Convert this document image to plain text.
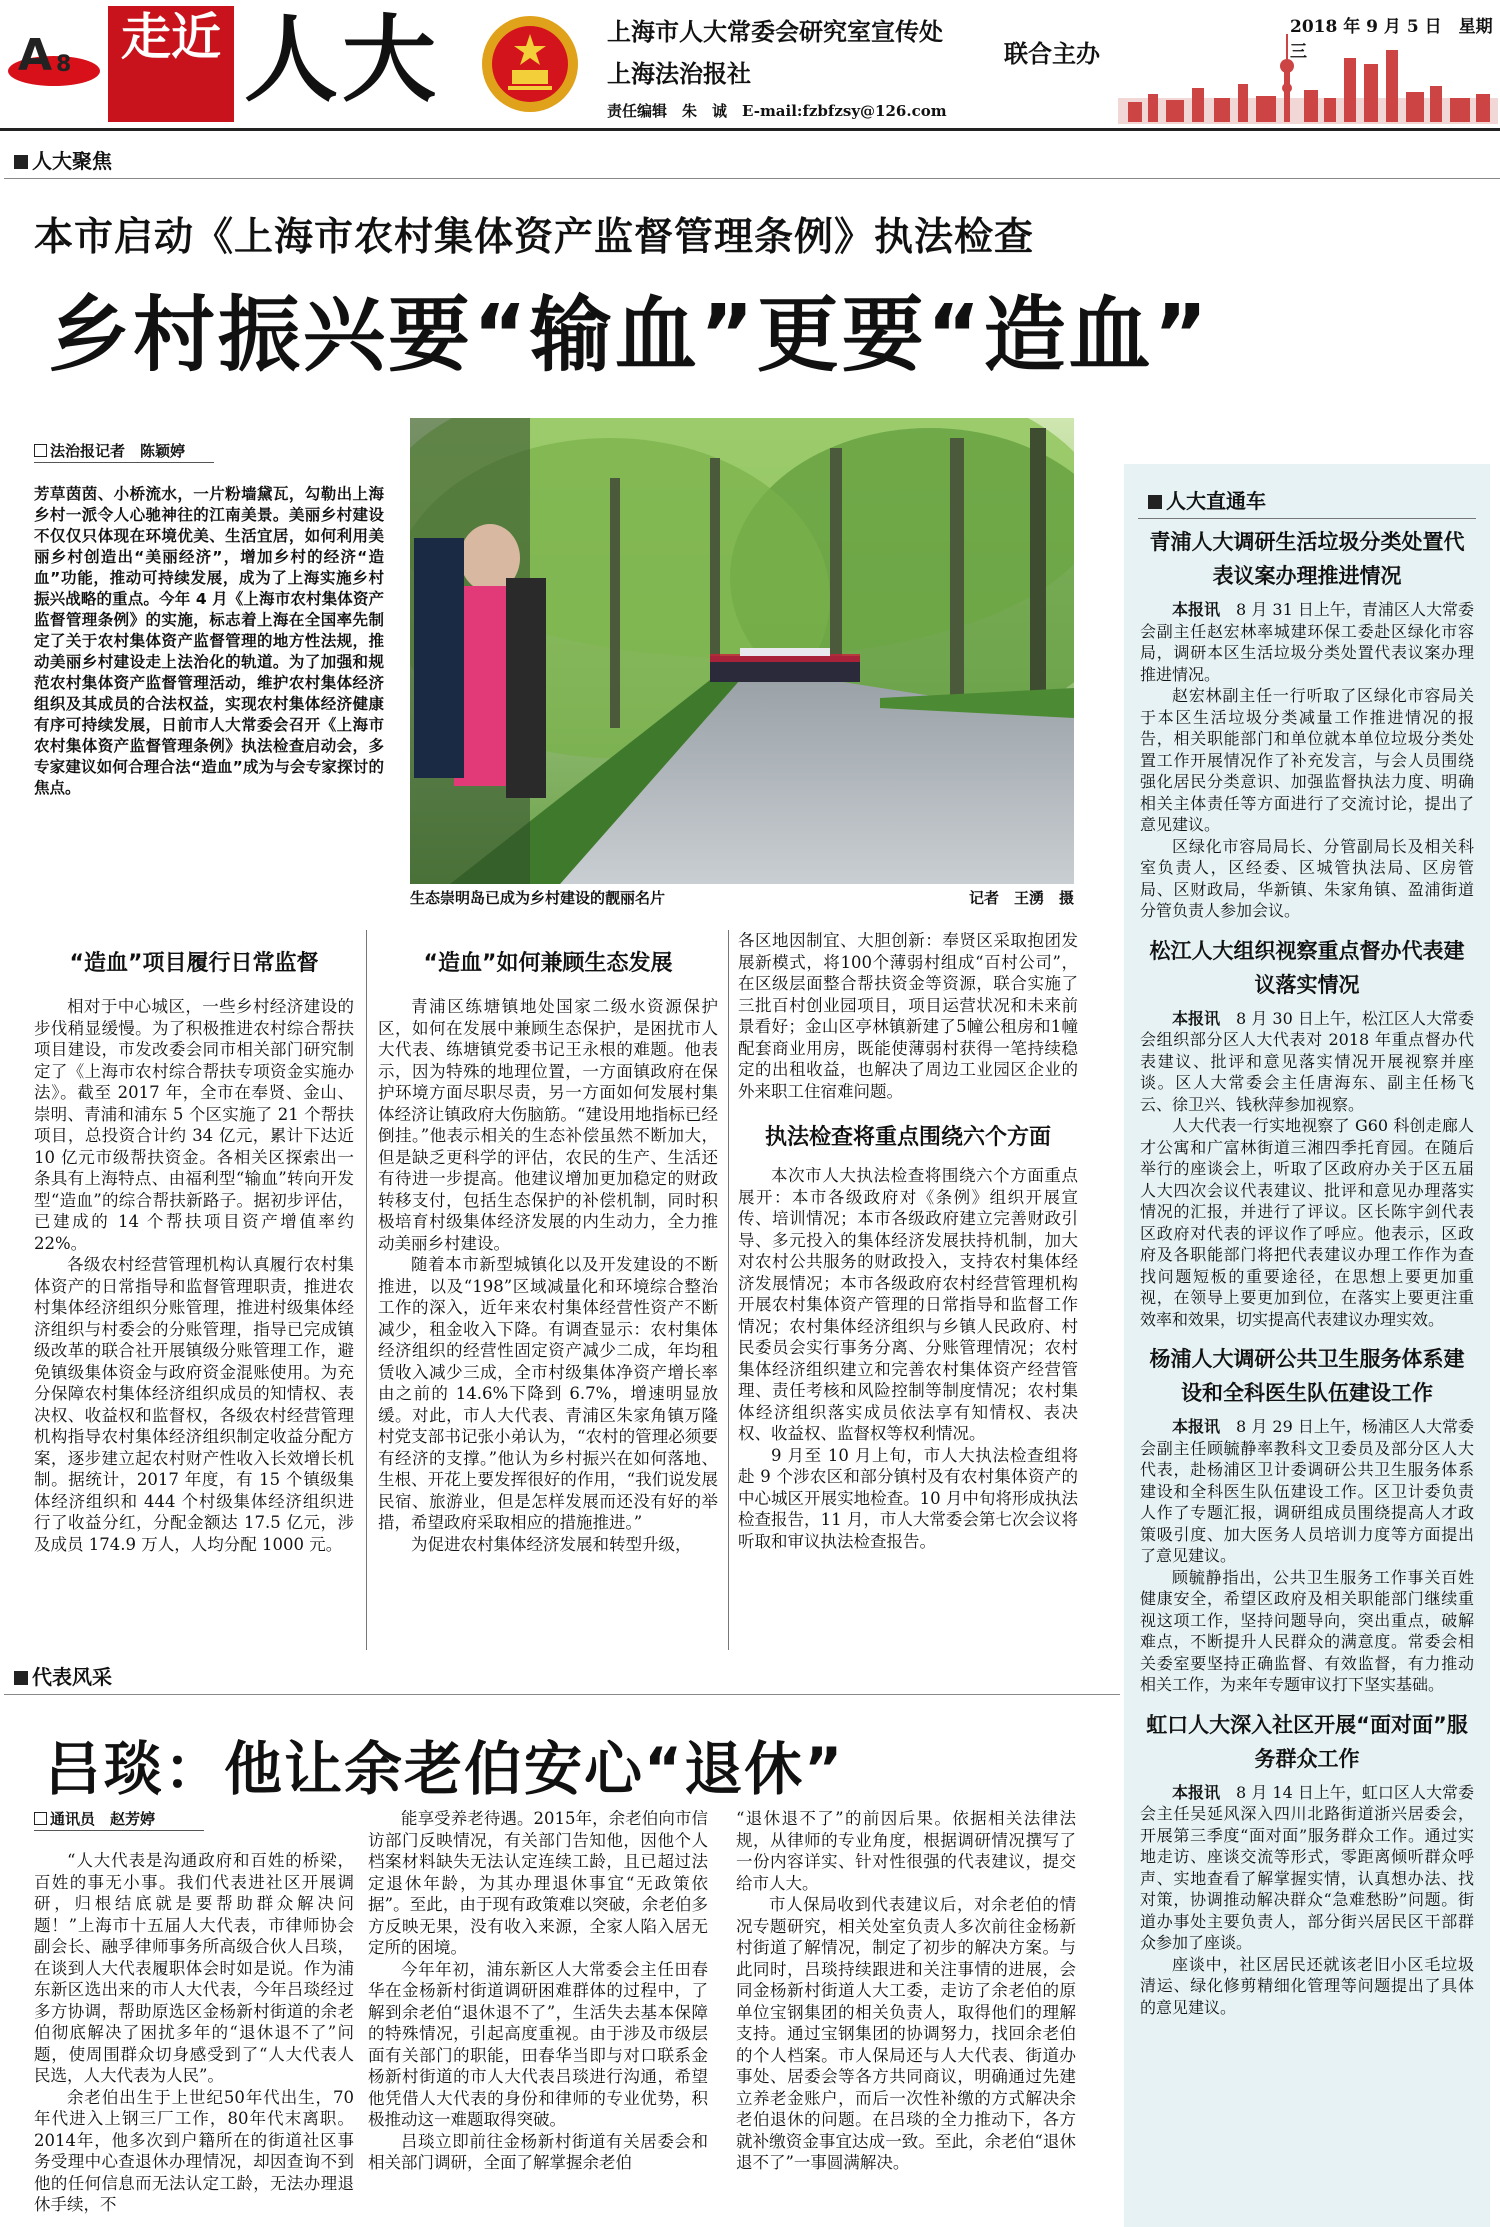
A 8 走近 人大	上海市人大常委会研究室宣传处
上海法治报社
联合主办
责任编辑　朱　诚　E-mail:fzbfzsy@126.com
2018 年 9 月 5 日　星期三
人大聚焦
本市启动《上海市农村集体资产监督管理条例》执法检查
乡村振兴要“输血”更要“造血”
法治报记者　陈颖婷
芳草茵茵、小桥流水，一片粉墙黛瓦，勾勒出上海乡村一派令人心驰神往的江南美景。美丽乡村建设不仅仅只体现在环境优美、生活宜居，如何利用美丽乡村创造出“美丽经济”，增加乡村的经济“造血”功能，推动可持续发展，成为了上海实施乡村振兴战略的重点。今年 4 月《上海市农村集体资产监督管理条例》的实施，标志着上海在全国率先制定了关于农村集体资产监督管理的地方性法规，推动美丽乡村建设走上法治化的轨道。为了加强和规范农村集体资产监督管理活动，维护农村集体经济组织及其成员的合法权益，实现农村集体经济健康有序可持续发展，日前市人大常委会召开《上海市农村集体资产监督管理条例》执法检查启动会，多专家建议如何合理合法“造血”成为与会专家探讨的焦点。
生态崇明岛已成为乡村建设的靓丽名片	记者　王湧　摄
“造血”项目履行日常监督

相对于中心城区，一些乡村经济建设的步伐稍显缓慢。为了积极推进农村综合帮扶项目建设，市发改委会同市相关部门研究制定了《上海市农村综合帮扶专项资金实施办法》。截至 2017 年，全市在奉贤、金山、崇明、青浦和浦东 5 个区实施了 21 个帮扶项目，总投资合计约 34 亿元，累计下达近 10 亿元市级帮扶资金。各相关区探索出一条具有上海特点、由福利型“输血”转向开发型“造血”的综合帮扶新路子。据初步评估，已建成的 14 个帮扶项目资产增值率约 22%。

各级农村经营管理机构认真履行农村集体资产的日常指导和监督管理职责，推进农村集体经济组织分账管理，推进村级集体经济组织与村委会的分账管理，指导已完成镇级改革的联合社开展镇级分账管理工作，避免镇级集体资金与政府资金混账使用。为充分保障农村集体经济组织成员的知情权、表决权、收益权和监督权，各级农村经营管理机构指导农村集体经济组织制定收益分配方案，逐步建立起农村财产性收入长效增长机制。据统计，2017 年度，有 15 个镇级集体经济组织和 444 个村级集体经济组织进行了收益分红，分配金额达 17.5 亿元，涉及成员 174.9 万人，人均分配 1000 元。

“造血”如何兼顾生态发展

青浦区练塘镇地处国家二级水资源保护区，如何在发展中兼顾生态保护，是困扰市人大代表、练塘镇党委书记王永根的难题。他表示，因为特殊的地理位置，一方面镇政府在保护环境方面尽职尽责，另一方面如何发展村集体经济让镇政府大伤脑筋。“建设用地指标已经倒挂。”他表示相关的生态补偿虽然不断加大，但是缺乏更科学的评估，农民的生产、生活还有待进一步提高。他建议增加更加稳定的财政转移支付，包括生态保护的补偿机制，同时积极培育村级集体经济发展的内生动力，全力推动美丽乡村建设。

随着本市新型城镇化以及开发建设的不断推进，以及“198”区域减量化和环境综合整治工作的深入，近年来农村集体经营性资产不断减少，租金收入下降。有调查显示：农村集体经济组织的经营性固定资产减少二成，年均租赁收入减少三成，全市村级集体净资产增长率由之前的 14.6%下降到 6.7%，增速明显放缓。对此，市人大代表、青浦区朱家角镇万隆村党支部书记张小弟认为，“农村的管理必须要有经济的支撑。”他认为乡村振兴在如何落地、生根、开花上要发挥很好的作用，“我们说发展民宿、旅游业，但是怎样发展而还没有好的举措，希望政府采取相应的措施推进。”

为促进农村集体经济发展和转型升级，

各区地因制宜、大胆创新：奉贤区采取抱团发展新模式，将100个薄弱村组成“百村公司”，在区级层面整合帮扶资金等资源，联合实施了三批百村创业园项目，项目运营状况和未来前景看好；金山区亭林镇新建了5幢公租房和1幢配套商业用房，既能使薄弱村获得一笔持续稳定的出租收益，也解决了周边工业园区企业的外来职工住宿难问题。

执法检查将重点围绕六个方面

本次市人大执法检查将围绕六个方面重点展开：本市各级政府对《条例》组织开展宣传、培训情况；本市各级政府建立完善财政引导、多元投入的集体经济发展扶持机制，加大对农村公共服务的财政投入，支持农村集体经济发展情况；本市各级政府农村经营管理机构开展农村集体资产管理的日常指导和监督工作情况；农村集体经济组织与乡镇人民政府、村民委员会实行事务分离、分账管理情况；农村集体经济组织建立和完善农村集体资产经营管理、责任考核和风险控制等制度情况；农村集体经济组织落实成员依法享有知情权、表决权、收益权、监督权等权利情况。

9 月至 10 月上旬，市人大执法检查组将赴 9 个涉农区和部分镇村及有农村集体资产的中心城区开展实地检查。10 月中旬将形成执法检查报告，11 月，市人大常委会第七次会议将听取和审议执法检查报告。

代表风采
吕琰：他让余老伯安心“退休”
通讯员　赵芳婷

“人大代表是沟通政府和百姓的桥梁，百姓的事无小事。我们代表进社区开展调研，归根结底就是要帮助群众解决问题！”上海市十五届人大代表，市律师协会副会长、融孚律师事务所高级合伙人吕琰，在谈到人大代表履职体会时如是说。作为浦东新区选出来的市人大代表，今年吕琰经过多方协调，帮助原选区金杨新村街道的余老伯彻底解决了困扰多年的“退休退不了”问题，使周围群众切身感受到了“人大代表人民选，人大代表为人民”。

余老伯出生于上世纪50年代出生，70年代进入上钢三厂工作，80年代末离职。2014年，他多次到户籍所在的街道社区事务受理中心查退休办理情况，却因查询不到他的任何信息而无法认定工龄，无法办理退休手续，不

能享受养老待遇。2015年，余老伯向市信访部门反映情况，有关部门告知他，因他个人档案材料缺失无法认定连续工龄，且已超过法定退休年龄，为其办理退休事宜“无政策依据”。至此，由于现有政策难以突破，余老伯多方反映无果，没有收入来源，全家人陷入居无定所的困境。

今年年初，浦东新区人大常委会主任田春华在金杨新村街道调研困难群体的过程中，了解到余老伯“退休退不了”，生活失去基本保障的特殊情况，引起高度重视。由于涉及市级层面有关部门的职能，田春华当即与对口联系金杨新村街道的市人大代表吕琰进行沟通，希望他凭借人大代表的身份和律师的专业优势，积极推动这一难题取得突破。

吕琰立即前往金杨新村街道有关居委会和相关部门调研，全面了解掌握余老伯

“退休退不了”的前因后果。依据相关法律法规，从律师的专业角度，根据调研情况撰写了一份内容详实、针对性很强的代表建议，提交给市人大。

市人保局收到代表建议后，对余老伯的情况专题研究，相关处室负责人多次前往金杨新村街道了解情况，制定了初步的解决方案。与此同时，吕琰持续跟进和关注事情的进展，会同金杨新村街道人大工委，走访了余老伯的原单位宝钢集团的相关负责人，取得他们的理解支持。通过宝钢集团的协调努力，找回余老伯的个人档案。市人保局还与人大代表、街道办事处、居委会等各方共同商议，明确通过先建立养老金账户，而后一次性补缴的方式解决余老伯退休的问题。在吕琰的全力推动下，各方就补缴资金事宜达成一致。至此，余老伯“退休退不了”一事圆满解决。

人大直通车
青浦人大调研生活垃圾分类处置代表议案办理推进情况

本报讯　8 月 31 日上午，青浦区人大常委会副主任赵宏林率城建环保工委赴区绿化市容局，调研本区生活垃圾分类处置代表议案办理推进情况。

赵宏林副主任一行听取了区绿化市容局关于本区生活垃圾分类减量工作推进情况的报告，相关职能部门和单位就本单位垃圾分类处置工作开展情况作了补充发言，与会人员围绕强化居民分类意识、加强监督执法力度、明确相关主体责任等方面进行了交流讨论，提出了意见建议。

区绿化市容局局长、分管副局长及相关科室负责人，区经委、区城管执法局、区房管局、区财政局，华新镇、朱家角镇、盈浦街道分管负责人参加会议。

松江人大组织视察重点督办代表建议落实情况

本报讯　8 月 30 日上午，松江区人大常委会组织部分区人大代表对 2018 年重点督办代表建议、批评和意见落实情况开展视察并座谈。区人大常委会主任唐海东、副主任杨飞云、徐卫兴、钱秋萍参加视察。

人大代表一行实地视察了 G60 科创走廊人才公寓和广富林街道三湘四季托育园。在随后举行的座谈会上，听取了区政府办关于区五届人大四次会议代表建议、批评和意见办理落实情况的汇报，并进行了评议。区长陈宇剑代表区政府对代表的评议作了呼应。他表示，区政府及各职能部门将把代表建议办理工作作为查找问题短板的重要途径，在思想上要更加重视，在领导上要更加到位，在落实上要更注重效率和效果，切实提高代表建议办理实效。

杨浦人大调研公共卫生服务体系建设和全科医生队伍建设工作

本报讯　8 月 29 日上午，杨浦区人大常委会副主任顾毓静率教科文卫委员及部分区人大代表，赴杨浦区卫计委调研公共卫生服务体系建设和全科医生队伍建设工作。区卫计委负责人作了专题汇报，调研组成员围绕提高人才政策吸引度、加大医务人员培训力度等方面提出了意见建议。

顾毓静指出，公共卫生服务工作事关百姓健康安全，希望区政府及相关职能部门继续重视这项工作，坚持问题导向，突出重点，破解难点，不断提升人民群众的满意度。常委会相关委室要坚持正确监督、有效监督，有力推动相关工作，为来年专题审议打下坚实基础。

虹口人大深入社区开展“面对面”服务群众工作

本报讯　8 月 14 日上午，虹口区人大常委会主任吴延风深入四川北路街道浙兴居委会，开展第三季度“面对面”服务群众工作。通过实地走访、座谈交流等形式，零距离倾听群众呼声、实地查看了解掌握实情，认真想办法、找对策，协调推动解决群众“急难愁盼”问题。街道办事处主要负责人，部分街兴居民区干部群众参加了座谈。

座谈中，社区居民还就该老旧小区毛垃圾清运、绿化修剪精细化管理等问题提出了具体的意见建议。
